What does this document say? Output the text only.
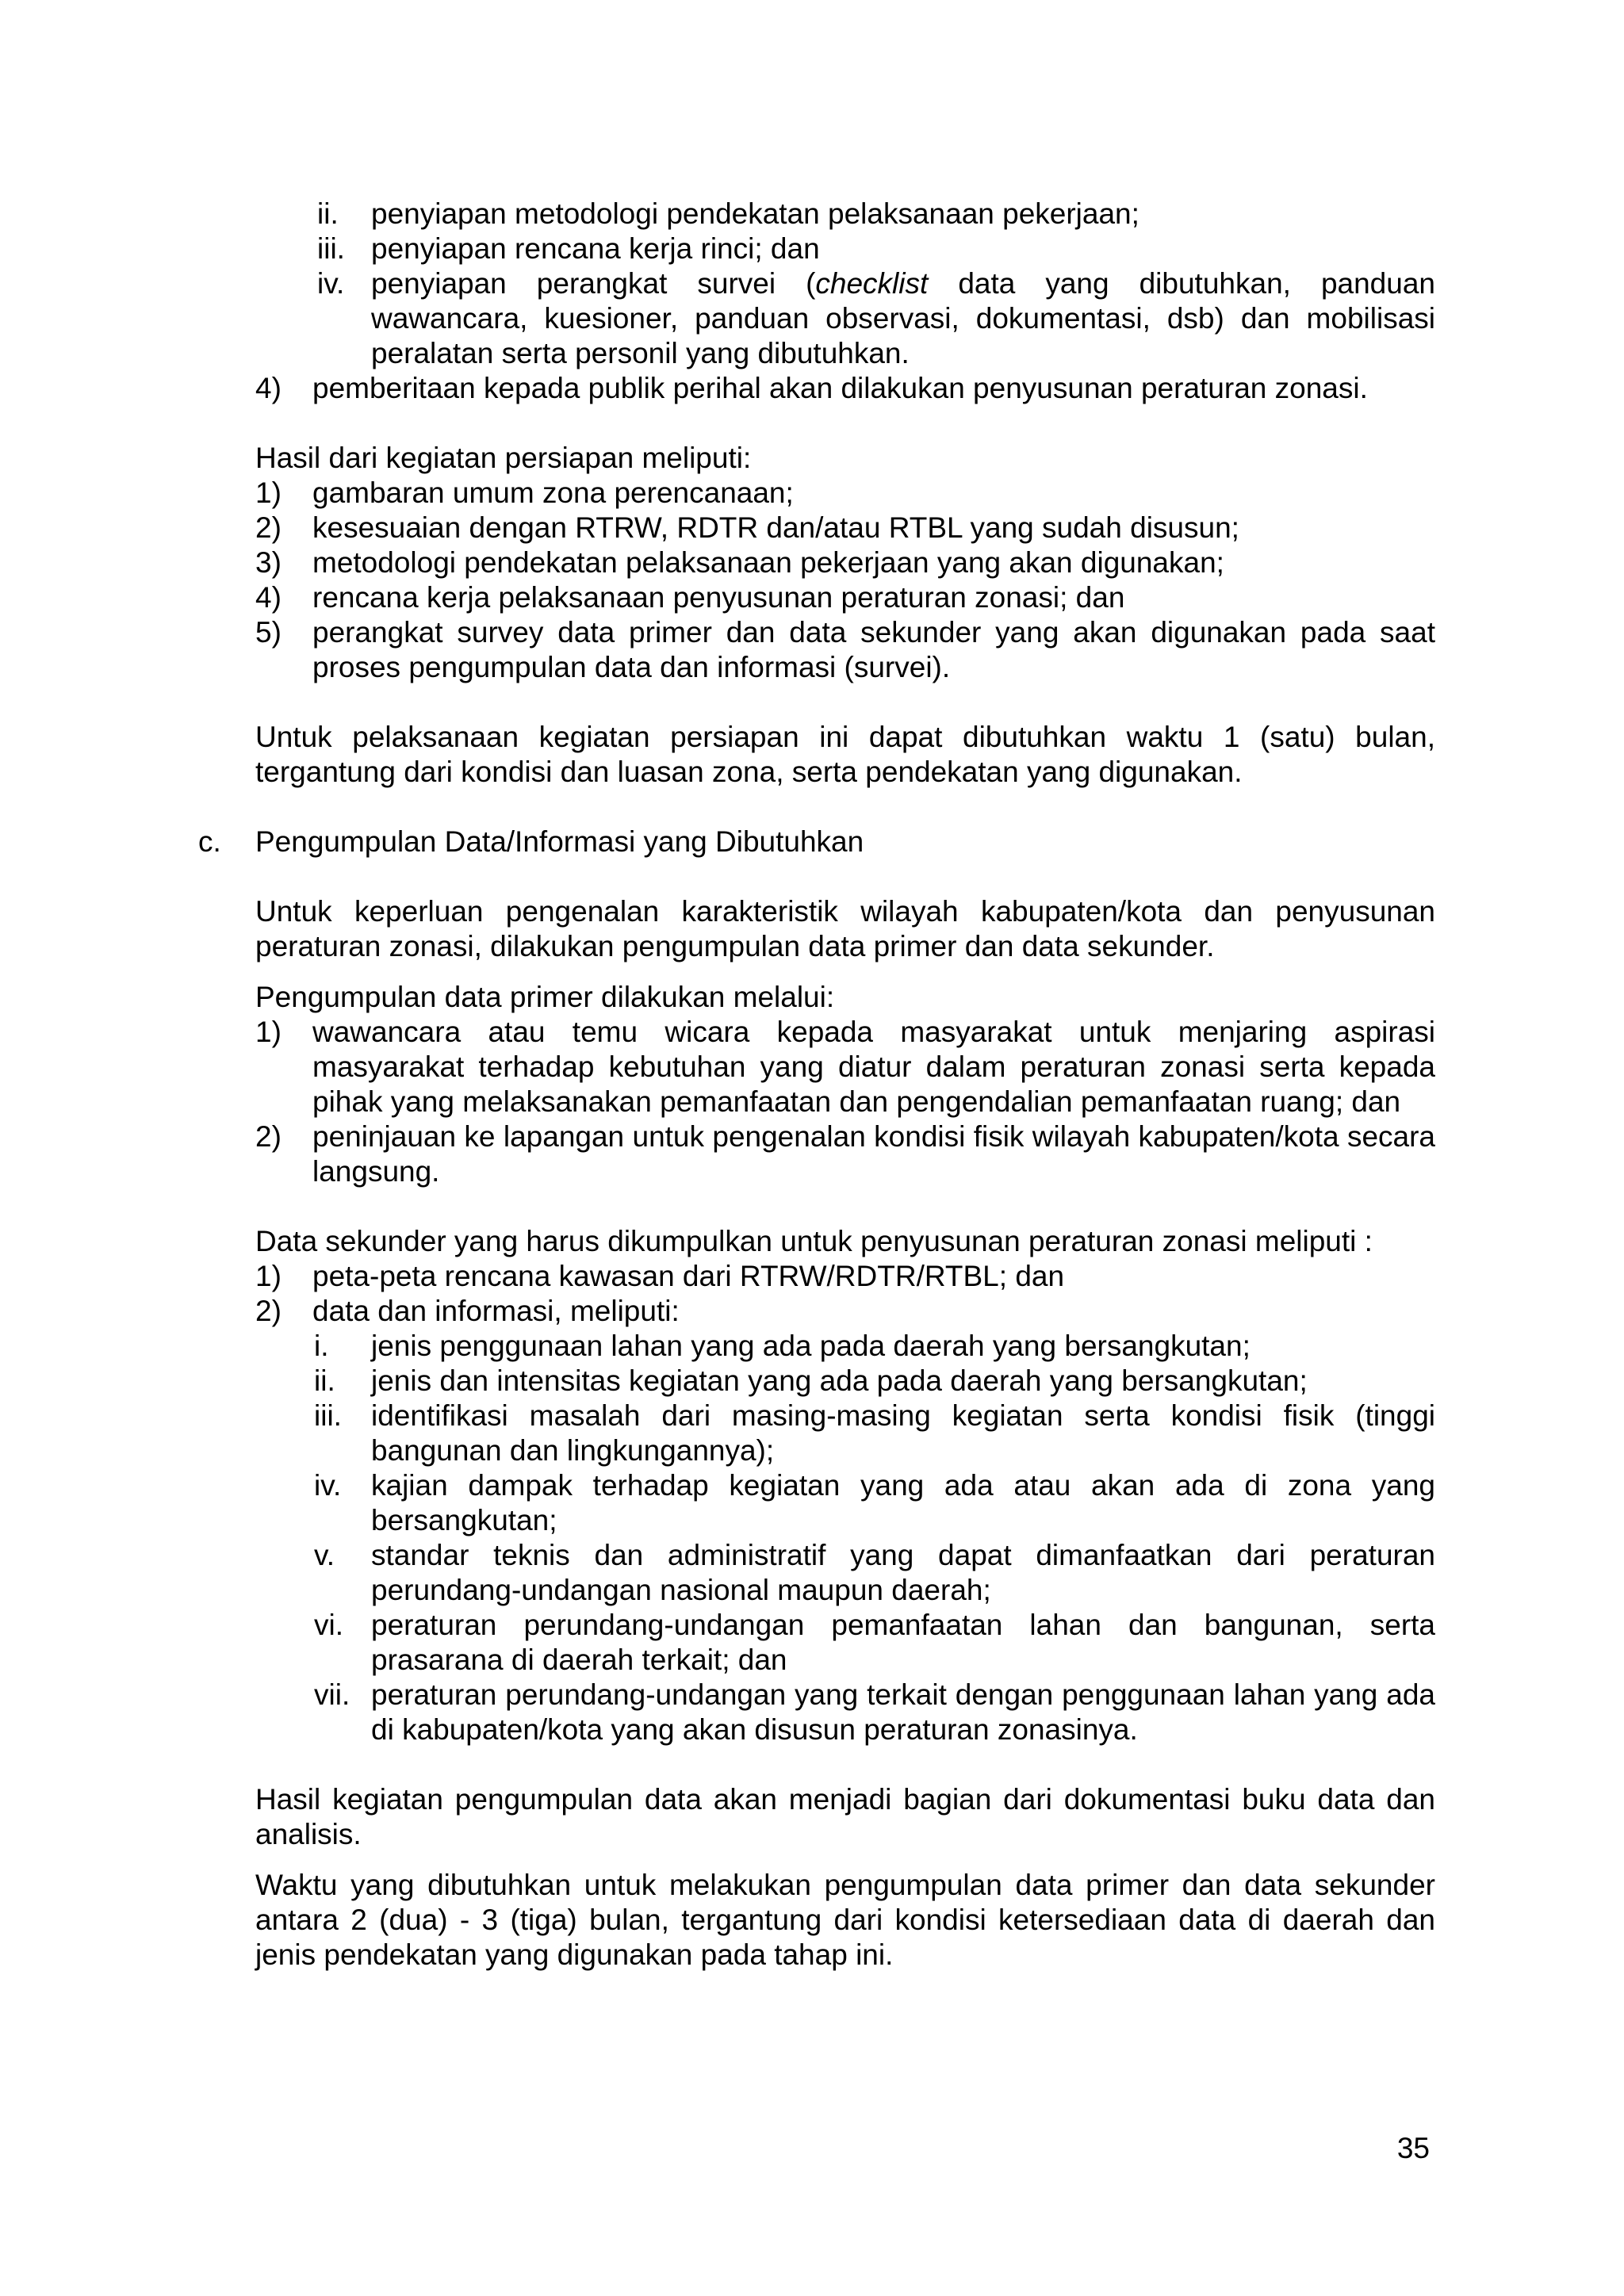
ii.	penyiapan metodologi pendekatan pelaksanaan pekerjaan;
iii. penyiapan rencana kerja rinci; dan
iv. penyiapan perangkat survei (checklist data yang dibutuhkan, panduan wawancara, kuesioner, panduan observasi, dokumentasi, dsb) dan mobilisasi peralatan serta personil yang dibutuhkan.
4)	pemberitaan kepada publik perihal akan dilakukan penyusunan peraturan zonasi.
Hasil dari kegiatan persiapan meliputi:
1)	gambaran umum zona perencanaan;
2)	kesesuaian dengan RTRW, RDTR dan/atau RTBL yang sudah disusun;
3)	metodologi pendekatan pelaksanaan pekerjaan yang akan digunakan;
4)	rencana kerja pelaksanaan penyusunan peraturan zonasi; dan
5)	perangkat survey data primer dan data sekunder yang akan digunakan pada saat proses pengumpulan data dan informasi (survei).
Untuk pelaksanaan kegiatan persiapan ini dapat dibutuhkan waktu 1 (satu) bulan, tergantung dari kondisi dan luasan zona, serta pendekatan yang digunakan.
c.	Pengumpulan Data/Informasi yang Dibutuhkan
Untuk keperluan pengenalan karakteristik wilayah kabupaten/kota dan penyusunan peraturan zonasi, dilakukan pengumpulan data primer dan data sekunder.
Pengumpulan data primer dilakukan melalui:
1)	wawancara atau temu wicara kepada masyarakat untuk menjaring aspirasi masyarakat terhadap kebutuhan yang diatur dalam peraturan zonasi serta kepada pihak yang melaksanakan pemanfaatan dan pengendalian pemanfaatan ruang; dan
2)	peninjauan ke lapangan untuk pengenalan kondisi fisik wilayah kabupaten/kota secara langsung.
Data sekunder yang harus dikumpulkan untuk penyusunan peraturan zonasi meliputi :
1)	peta-peta rencana kawasan dari RTRW/RDTR/RTBL; dan
2)	data dan informasi, meliputi:
i.	jenis penggunaan lahan yang ada pada daerah yang bersangkutan;
ii.	jenis dan intensitas kegiatan yang ada pada daerah yang bersangkutan;
iii.	identifikasi masalah dari masing-masing kegiatan serta kondisi fisik (tinggi bangunan dan lingkungannya);
iv.	kajian dampak terhadap kegiatan yang ada atau akan ada di zona yang bersangkutan;
v.	standar teknis dan administratif yang dapat dimanfaatkan dari peraturan perundang-undangan nasional maupun daerah;
vi. peraturan perundang-undangan pemanfaatan lahan dan bangunan, serta prasarana di daerah terkait; dan
vii. peraturan perundang-undangan yang terkait dengan penggunaan lahan yang ada di kabupaten/kota yang akan disusun peraturan zonasinya.
Hasil kegiatan pengumpulan data akan menjadi bagian dari dokumentasi buku data dan analisis.
Waktu yang dibutuhkan untuk melakukan pengumpulan data primer dan data sekunder antara 2 (dua) - 3 (tiga) bulan, tergantung dari kondisi ketersediaan data di daerah dan jenis pendekatan yang digunakan pada tahap ini.
35
